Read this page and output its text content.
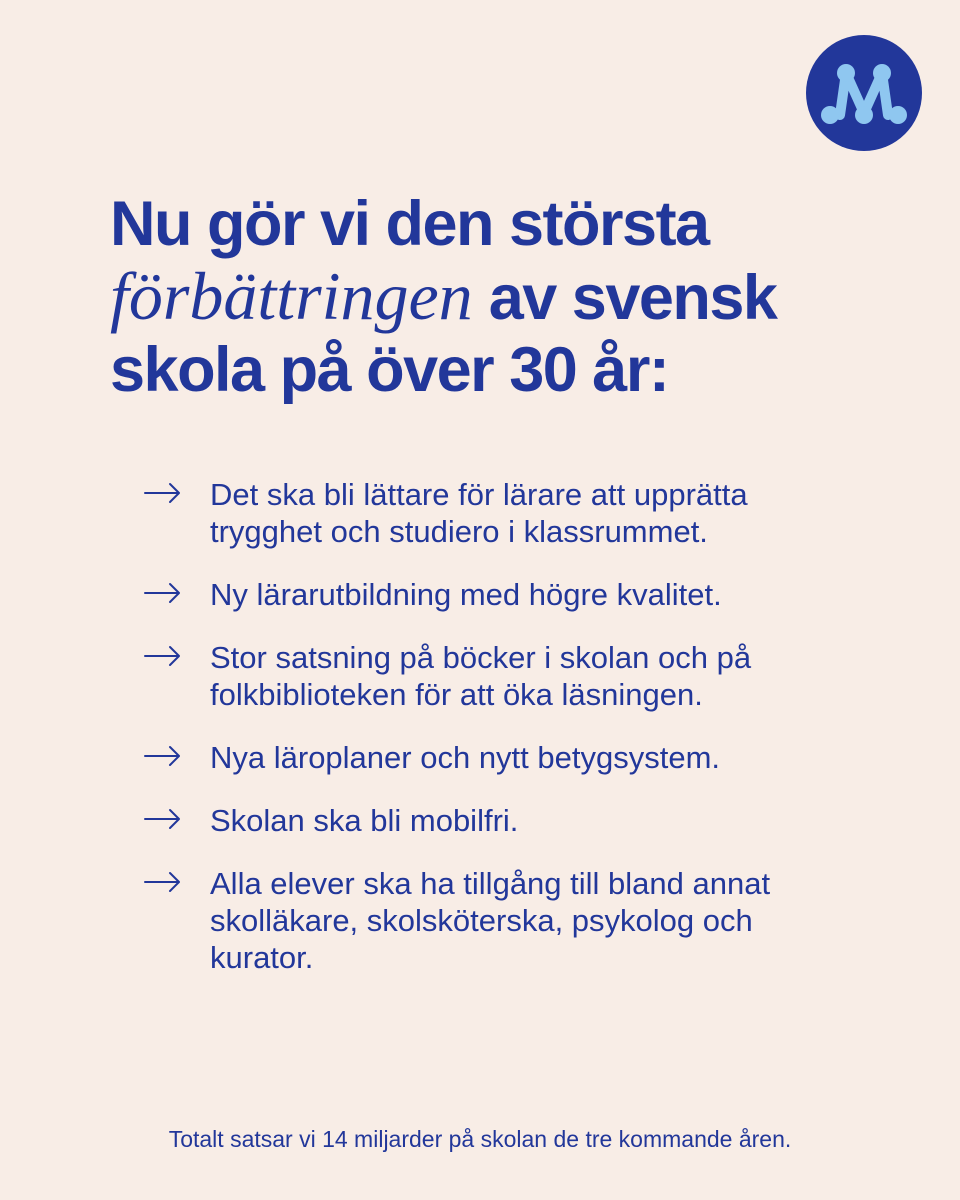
Nu gör vi den största
förbättringen av svensk skola på över 30 år:
Det ska bli lättare för lärare att upprätta trygghet och studiero i klassrummet.
Ny lärarutbildning med högre kvalitet.
Stor satsning på böcker i skolan och på folkbiblioteken för att öka läsningen.
Nya läroplaner och nytt betygsystem.
Skolan ska bli mobilfri.
Alla elever ska ha tillgång till bland annat skolläkare, skolsköterska, psykolog och kurator.
Totalt satsar vi 14 miljarder på skolan de tre kommande åren.
